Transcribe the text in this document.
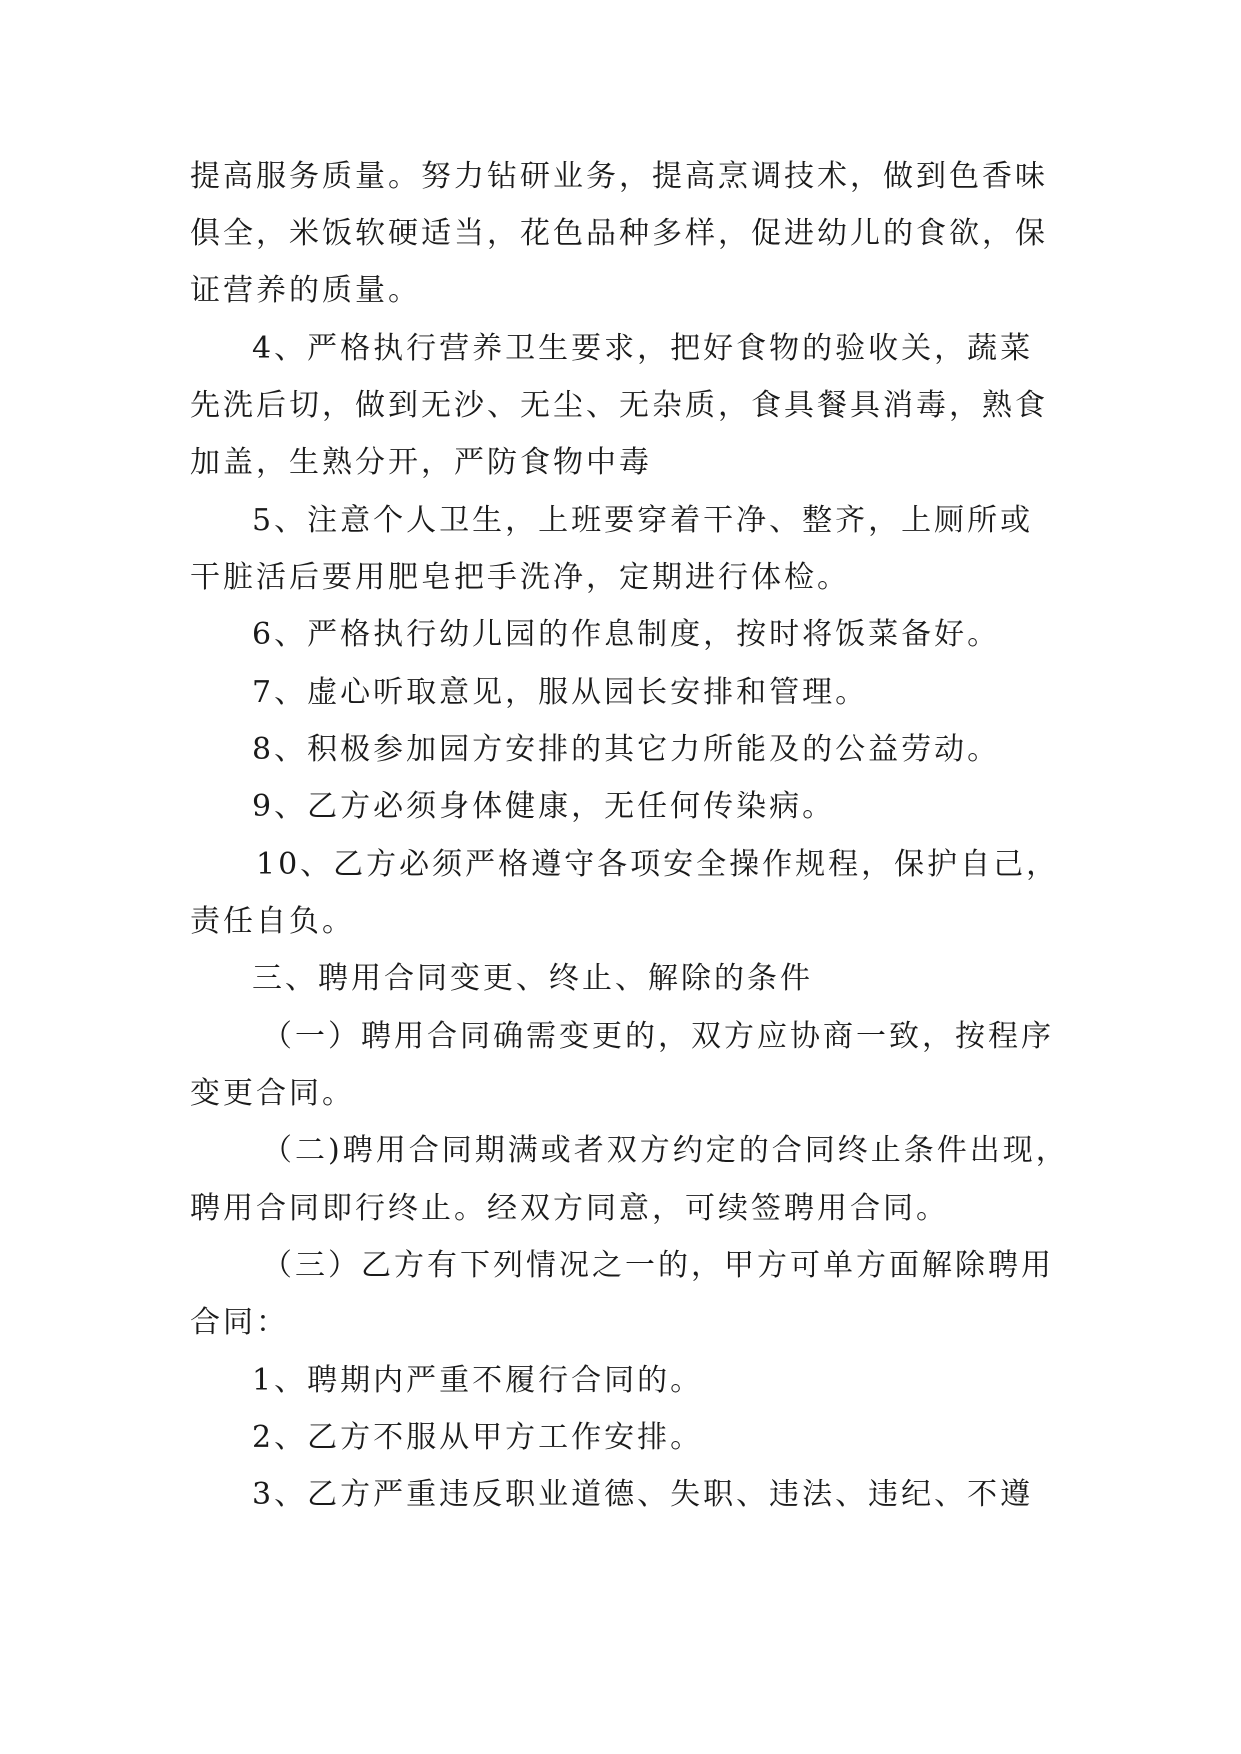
提高服务质量。努力钻研业务，提高烹调技术，做到色香味
俱全，米饭软硬适当，花色品种多样，促进幼儿的食欲，保
证营养的质量。
4、严格执行营养卫生要求，把好食物的验收关，蔬菜
先洗后切，做到无沙、无尘、无杂质，食具餐具消毒，熟食
加盖，生熟分开，严防食物中毒
5、注意个人卫生，上班要穿着干净、整齐，上厕所或
干脏活后要用肥皂把手洗净，定期进行体检。
6、严格执行幼儿园的作息制度，按时将饭菜备好。
7、虚心听取意见，服从园长安排和管理。
8、积极参加园方安排的其它力所能及的公益劳动。
9、乙方必须身体健康，无任何传染病。
10、乙方必须严格遵守各项安全操作规程，保护自己，
责任自负。
三、聘用合同变更、终止、解除的条件
（一）聘用合同确需变更的，双方应协商一致，按程序
变更合同。
（二)聘用合同期满或者双方约定的合同终止条件出现，
聘用合同即行终止。经双方同意，可续签聘用合同。
（三）乙方有下列情况之一的，甲方可单方面解除聘用
合同：
1、聘期内严重不履行合同的。
2、乙方不服从甲方工作安排。
3、乙方严重违反职业道德、失职、违法、违纪、不遵
